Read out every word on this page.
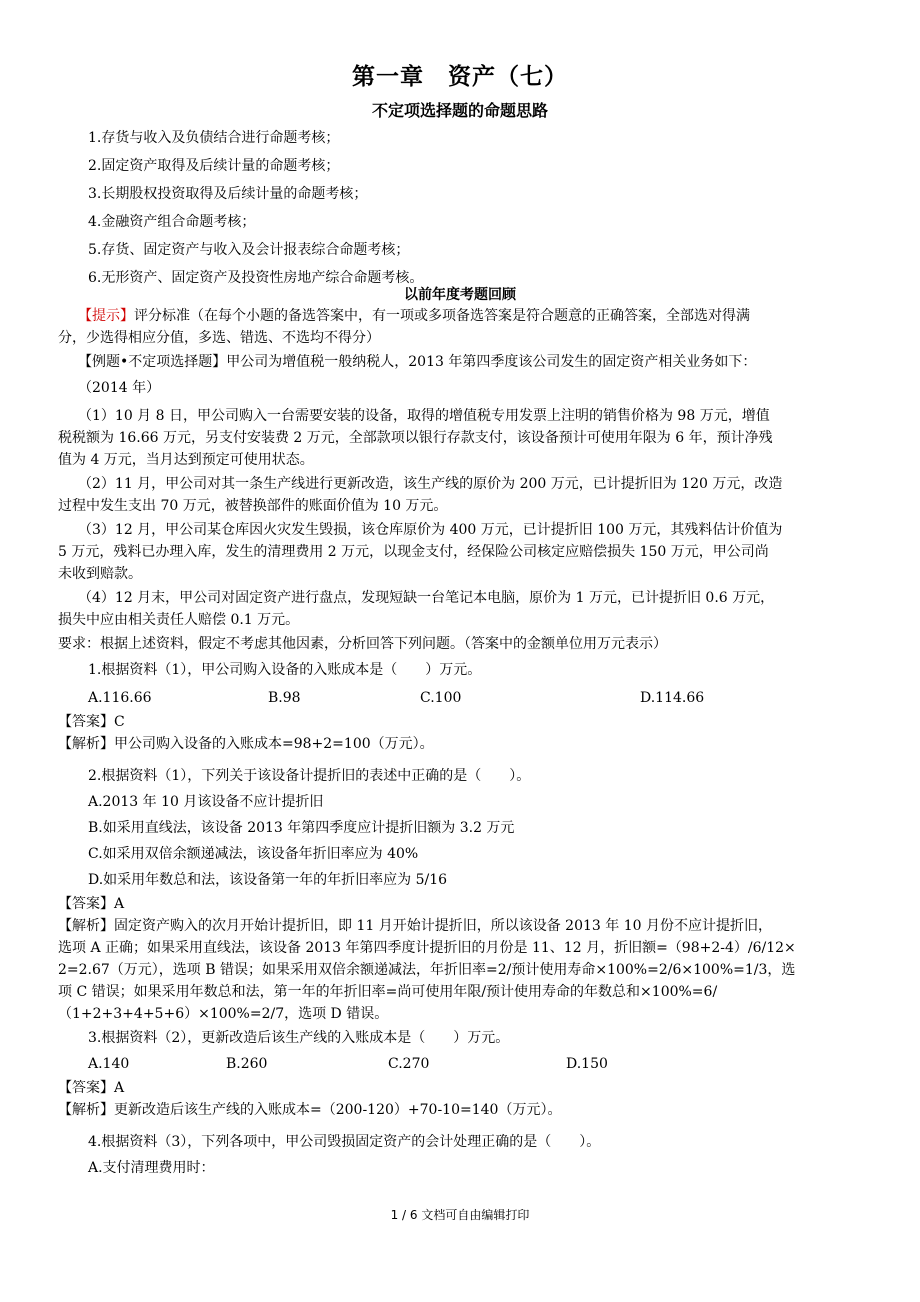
第一章　资产（七）
不定项选择题的命题思路
1.存货与收入及负债结合进行命题考核；
2.固定资产取得及后续计量的命题考核；
3.长期股权投资取得及后续计量的命题考核；
4.金融资产组合命题考核；
5.存货、固定资产与收入及会计报表综合命题考核；
6.无形资产、固定资产及投资性房地产综合命题考核。
以前年度考题回顾
【提示】评分标准（在每个小题的备选答案中，有一项或多项备选答案是符合题意的正确答案，全部选对得满
分，少选得相应分值，多选、错选、不选均不得分）
【例题•不定项选择题】甲公司为增值税一般纳税人，2013 年第四季度该公司发生的固定资产相关业务如下：
（2014 年）
（1）10 月 8 日，甲公司购入一台需要安装的设备，取得的增值税专用发票上注明的销售价格为 98 万元，增值
税税额为 16.66 万元，另支付安装费 2 万元，全部款项以银行存款支付，该设备预计可使用年限为 6 年，预计净残
值为 4 万元，当月达到预定可使用状态。
（2）11 月，甲公司对其一条生产线进行更新改造，该生产线的原价为 200 万元，已计提折旧为 120 万元，改造
过程中发生支出 70 万元，被替换部件的账面价值为 10 万元。
（3）12 月，甲公司某仓库因火灾发生毁损，该仓库原价为 400 万元，已计提折旧 100 万元，其残料估计价值为
5 万元，残料已办理入库，发生的清理费用 2 万元，以现金支付，经保险公司核定应赔偿损失 150 万元，甲公司尚
未收到赔款。
（4）12 月末，甲公司对固定资产进行盘点，发现短缺一台笔记本电脑，原价为 1 万元，已计提折旧 0.6 万元，
损失中应由相关责任人赔偿 0.1 万元。
要求：根据上述资料，假定不考虑其他因素，分析回答下列问题。（答案中的金额单位用万元表示）
1.根据资料（1），甲公司购入设备的入账成本是（　　）万元。
A.116.66	B.98	C.100	D.114.66
【答案】C
【解析】甲公司购入设备的入账成本=98+2=100（万元）。
2.根据资料（1），下列关于该设备计提折旧的表述中正确的是（　　）。
A.2013 年 10 月该设备不应计提折旧
B.如采用直线法，该设备 2013 年第四季度应计提折旧额为 3.2 万元
C.如采用双倍余额递减法，该设备年折旧率应为 40%
D.如采用年数总和法，该设备第一年的年折旧率应为 5/16
【答案】A
【解析】固定资产购入的次月开始计提折旧，即 11 月开始计提折旧，所以该设备 2013 年 10 月份不应计提折旧，
选项 A 正确；如果采用直线法，该设备 2013 年第四季度计提折旧的月份是 11、12 月，折旧额=（98+2-4）/6/12×
2=2.67（万元），选项 B 错误；如果采用双倍余额递减法，年折旧率=2/预计使用寿命×100%=2/6×100%=1/3，选
项 C 错误；如果采用年数总和法，第一年的年折旧率=尚可使用年限/预计使用寿命的年数总和×100%=6/
（1+2+3+4+5+6）×100%=2/7，选项 D 错误。
3.根据资料（2），更新改造后该生产线的入账成本是（　　）万元。
A.140	B.260	C.270	D.150
【答案】A
【解析】更新改造后该生产线的入账成本=（200-120）+70-10=140（万元）。
4.根据资料（3），下列各项中，甲公司毁损固定资产的会计处理正确的是（　　）。
A.支付清理费用时：
1 / 6 文档可自由编辑打印
